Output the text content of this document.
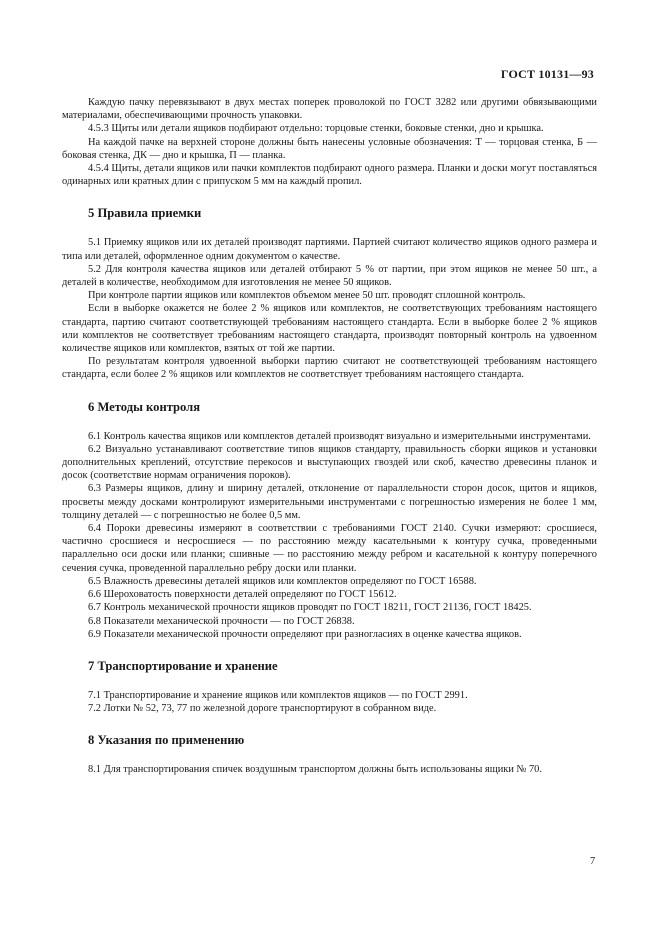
ГОСТ 10131—93

Каждую пачку перевязывают в двух местах поперек проволокой по ГОСТ 3282 или другими обвязывающими материалами, обеспечивающими прочность упаковки.

4.5.3 Щиты или детали ящиков подбирают отдельно: торцовые стенки, боковые стенки, дно и крышка.

На каждой пачке на верхней стороне должны быть нанесены условные обозначения: Т — торцовая стенка, Б — боковая стенка, ДК — дно и крышка, П — планка.

4.5.4 Щиты, детали ящиков или пачки комплектов подбирают одного размера. Планки и доски могут поставляться одинарных или кратных длин с припуском 5 мм на каждый пропил.

5 Правила приемки

5.1 Приемку ящиков или их деталей производят партиями. Партией считают количество ящиков одного размера и типа или деталей, оформленное одним документом о качестве.

5.2 Для контроля качества ящиков или деталей отбирают 5 % от партии, при этом ящиков не менее 50 шт., а деталей в количестве, необходимом для изготовления не менее 50 ящиков.

При контроле партии ящиков или комплектов объемом менее 50 шт. проводят сплошной контроль.

Если в выборке окажется не более 2 % ящиков или комплектов, не соответствующих требованиям настоящего стандарта, партию считают соответствующей требованиям настоящего стандарта. Если в выборке более 2 % ящиков или комплектов не соответствует требованиям настоящего стандарта, производят повторный контроль на удвоенном количестве ящиков или комплектов, взятых от той же партии.

По результатам контроля удвоенной выборки партию считают не соответствующей требованиям настоящего стандарта, если более 2 % ящиков или комплектов не соответствует требованиям настоящего стандарта.

6 Методы контроля

6.1 Контроль качества ящиков или комплектов деталей производят визуально и измерительными инструментами.

6.2 Визуально устанавливают соответствие типов ящиков стандарту, правильность сборки ящиков и установки дополнительных креплений, отсутствие перекосов и выступающих гвоздей или скоб, качество древесины планок и досок (соответствие нормам ограничения пороков).

6.3 Размеры ящиков, длину и ширину деталей, отклонение от параллельности сторон досок, щитов и ящиков, просветы между досками контролируют измерительными инструментами с погрешностью измерения не более 1 мм, толщину деталей — с погрешностью не более 0,5 мм.

6.4 Пороки древесины измеряют в соответствии с требованиями ГОСТ 2140. Сучки измеряют: сросшиеся, частично сросшиеся и несросшиеся — по расстоянию между касательными к контуру сучка, проведенными параллельно оси доски или планки; сшивные — по расстоянию между ребром и касательной к контуру поперечного сечения сучка, проведенной параллельно ребру доски или планки.

6.5 Влажность древесины деталей ящиков или комплектов определяют по ГОСТ 16588.

6.6 Шероховатость поверхности деталей определяют по ГОСТ 15612.

6.7 Контроль механической прочности ящиков проводят по ГОСТ 18211, ГОСТ 21136, ГОСТ 18425.

6.8 Показатели механической прочности — по ГОСТ 26838.

6.9 Показатели механической прочности определяют при разногласиях в оценке качества ящиков.

7 Транспортирование и хранение

7.1 Транспортирование и хранение ящиков или комплектов ящиков — по ГОСТ 2991.

7.2 Лотки № 52, 73, 77 по железной дороге транспортируют в собранном виде.

8 Указания по применению

8.1 Для транспортирования спичек воздушным транспортом должны быть использованы ящики № 70.

7
